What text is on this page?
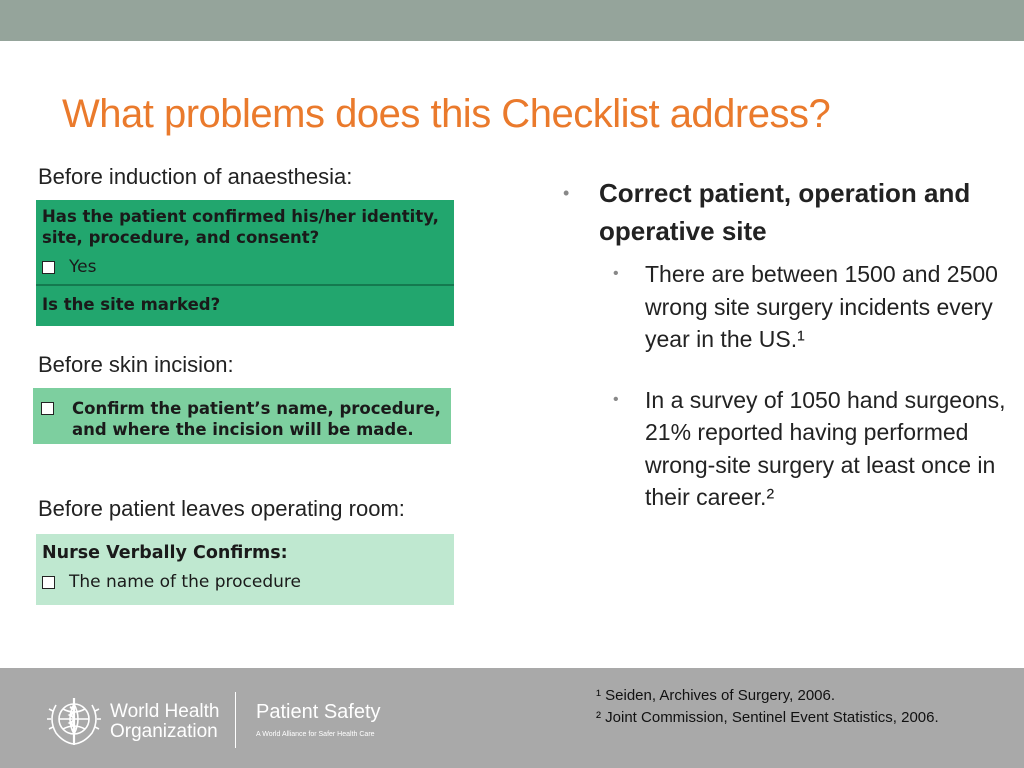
What problems does this Checklist address?
Before induction of anaesthesia:
Has the patient confirmed his/her identity, site, procedure, and consent?
Yes
Is the site marked?
Before skin incision:
Confirm the patient’s name, procedure, and where the incision will be made.
Before patient leaves operating room:
Nurse Verbally Confirms:
The name of the procedure
• Correct patient, operation and operative site
• There are between 1500 and 2500 wrong site surgery incidents every year in the US.¹
• In a survey of 1050 hand surgeons, 21% reported having performed wrong-site surgery at least once in their career.²
World Health
Organization
Patient Safety
A World Alliance for Safer Health Care
¹ Seiden, Archives of Surgery, 2006.
² Joint Commission, Sentinel Event Statistics, 2006.
